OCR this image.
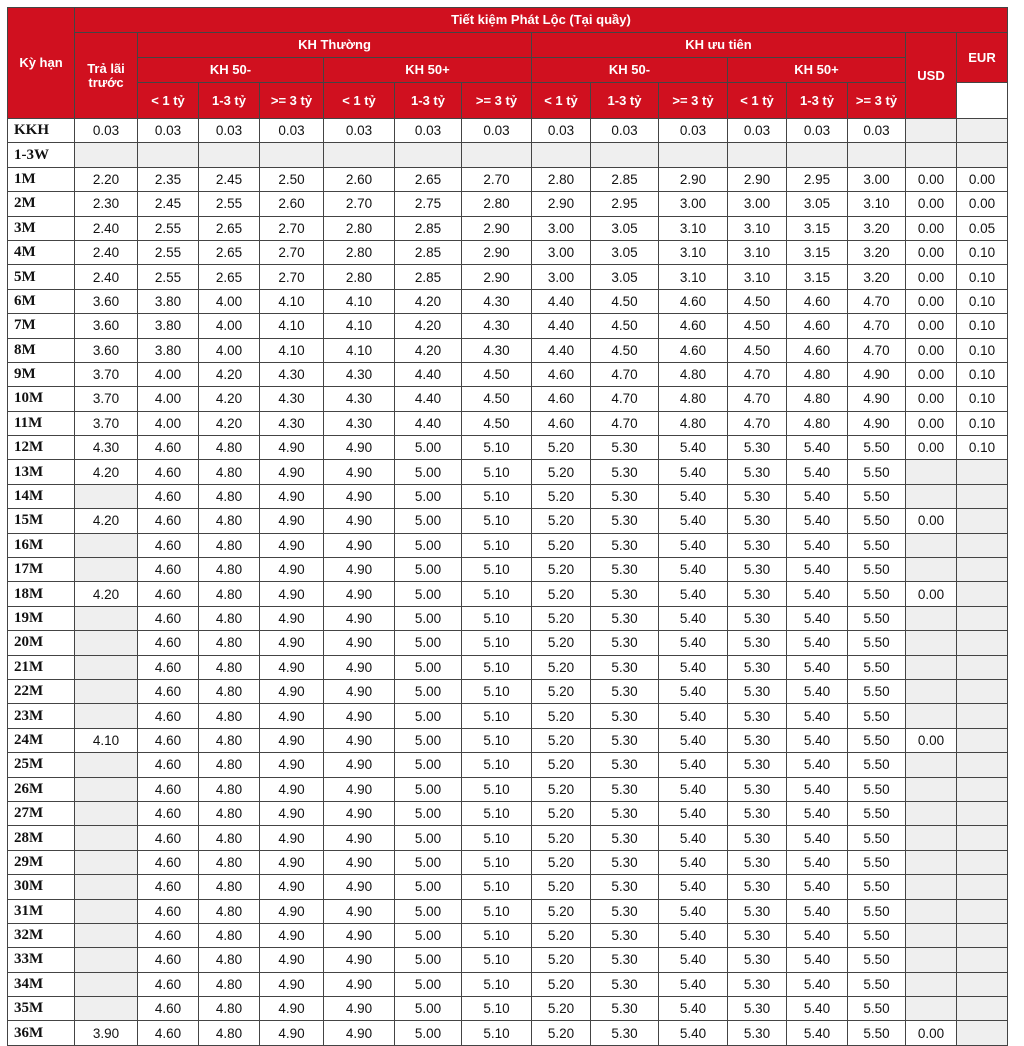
Kỳ hạn	Tiết kiệm Phát Lộc (Tại quầy)														
	Trả lãi trước	KH Thường						KH ưu tiên						USD	EUR
		KH 50-			KH 50+			KH 50-			KH 50+				
		< 1 tỷ	1-3 tỷ	>= 3 tỷ	< 1 tỷ	1-3 tỷ	>= 3 tỷ	< 1 tỷ	1-3 tỷ	>= 3 tỷ	< 1 tỷ	1-3 tỷ	>= 3 tỷ		
KKH	0.03	0.03	0.03	0.03	0.03	0.03	0.03	0.03	0.03	0.03	0.03	0.03	0.03		
1-3W															
1M	2.20	2.35	2.45	2.50	2.60	2.65	2.70	2.80	2.85	2.90	2.90	2.95	3.00	0.00	0.00
2M	2.30	2.45	2.55	2.60	2.70	2.75	2.80	2.90	2.95	3.00	3.00	3.05	3.10	0.00	0.00
3M	2.40	2.55	2.65	2.70	2.80	2.85	2.90	3.00	3.05	3.10	3.10	3.15	3.20	0.00	0.05
4M	2.40	2.55	2.65	2.70	2.80	2.85	2.90	3.00	3.05	3.10	3.10	3.15	3.20	0.00	0.10
5M	2.40	2.55	2.65	2.70	2.80	2.85	2.90	3.00	3.05	3.10	3.10	3.15	3.20	0.00	0.10
6M	3.60	3.80	4.00	4.10	4.10	4.20	4.30	4.40	4.50	4.60	4.50	4.60	4.70	0.00	0.10
7M	3.60	3.80	4.00	4.10	4.10	4.20	4.30	4.40	4.50	4.60	4.50	4.60	4.70	0.00	0.10
8M	3.60	3.80	4.00	4.10	4.10	4.20	4.30	4.40	4.50	4.60	4.50	4.60	4.70	0.00	0.10
9M	3.70	4.00	4.20	4.30	4.30	4.40	4.50	4.60	4.70	4.80	4.70	4.80	4.90	0.00	0.10
10M	3.70	4.00	4.20	4.30	4.30	4.40	4.50	4.60	4.70	4.80	4.70	4.80	4.90	0.00	0.10
11M	3.70	4.00	4.20	4.30	4.30	4.40	4.50	4.60	4.70	4.80	4.70	4.80	4.90	0.00	0.10
12M	4.30	4.60	4.80	4.90	4.90	5.00	5.10	5.20	5.30	5.40	5.30	5.40	5.50	0.00	0.10
13M	4.20	4.60	4.80	4.90	4.90	5.00	5.10	5.20	5.30	5.40	5.30	5.40	5.50		
14M		4.60	4.80	4.90	4.90	5.00	5.10	5.20	5.30	5.40	5.30	5.40	5.50		
15M	4.20	4.60	4.80	4.90	4.90	5.00	5.10	5.20	5.30	5.40	5.30	5.40	5.50	0.00	
16M		4.60	4.80	4.90	4.90	5.00	5.10	5.20	5.30	5.40	5.30	5.40	5.50		
17M		4.60	4.80	4.90	4.90	5.00	5.10	5.20	5.30	5.40	5.30	5.40	5.50		
18M	4.20	4.60	4.80	4.90	4.90	5.00	5.10	5.20	5.30	5.40	5.30	5.40	5.50	0.00	
19M		4.60	4.80	4.90	4.90	5.00	5.10	5.20	5.30	5.40	5.30	5.40	5.50		
20M		4.60	4.80	4.90	4.90	5.00	5.10	5.20	5.30	5.40	5.30	5.40	5.50		
21M		4.60	4.80	4.90	4.90	5.00	5.10	5.20	5.30	5.40	5.30	5.40	5.50		
22M		4.60	4.80	4.90	4.90	5.00	5.10	5.20	5.30	5.40	5.30	5.40	5.50		
23M		4.60	4.80	4.90	4.90	5.00	5.10	5.20	5.30	5.40	5.30	5.40	5.50		
24M	4.10	4.60	4.80	4.90	4.90	5.00	5.10	5.20	5.30	5.40	5.30	5.40	5.50	0.00	
25M		4.60	4.80	4.90	4.90	5.00	5.10	5.20	5.30	5.40	5.30	5.40	5.50		
26M		4.60	4.80	4.90	4.90	5.00	5.10	5.20	5.30	5.40	5.30	5.40	5.50		
27M		4.60	4.80	4.90	4.90	5.00	5.10	5.20	5.30	5.40	5.30	5.40	5.50		
28M		4.60	4.80	4.90	4.90	5.00	5.10	5.20	5.30	5.40	5.30	5.40	5.50		
29M		4.60	4.80	4.90	4.90	5.00	5.10	5.20	5.30	5.40	5.30	5.40	5.50		
30M		4.60	4.80	4.90	4.90	5.00	5.10	5.20	5.30	5.40	5.30	5.40	5.50		
31M		4.60	4.80	4.90	4.90	5.00	5.10	5.20	5.30	5.40	5.30	5.40	5.50		
32M		4.60	4.80	4.90	4.90	5.00	5.10	5.20	5.30	5.40	5.30	5.40	5.50		
33M		4.60	4.80	4.90	4.90	5.00	5.10	5.20	5.30	5.40	5.30	5.40	5.50		
34M		4.60	4.80	4.90	4.90	5.00	5.10	5.20	5.30	5.40	5.30	5.40	5.50		
35M		4.60	4.80	4.90	4.90	5.00	5.10	5.20	5.30	5.40	5.30	5.40	5.50		
36M	3.90	4.60	4.80	4.90	4.90	5.00	5.10	5.20	5.30	5.40	5.30	5.40	5.50	0.00	
